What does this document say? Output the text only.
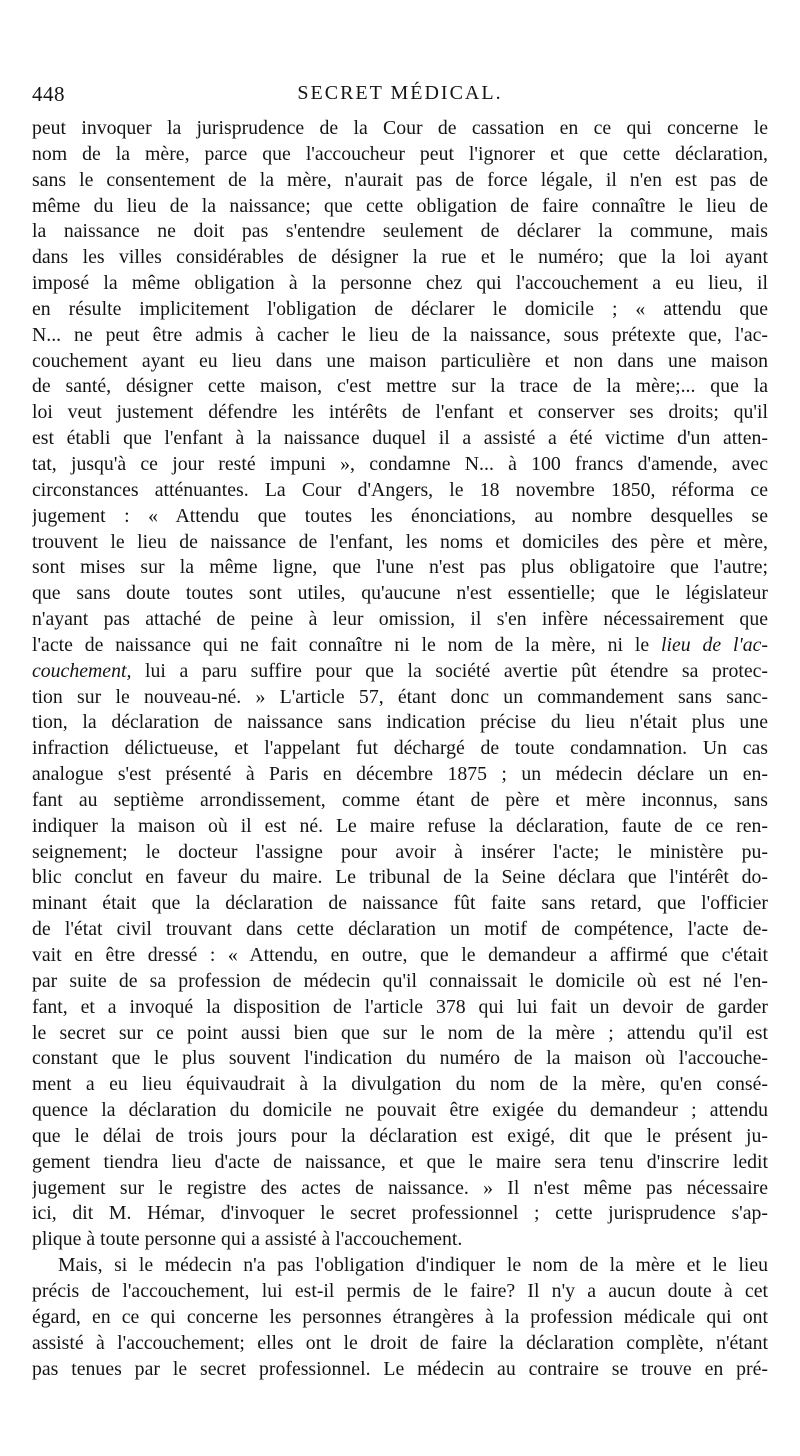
448	SECRET MÉDICAL.
peut invoquer la jurisprudence de la Cour de cassation en ce qui concerne le
nom de la mère, parce que l'accoucheur peut l'ignorer et que cette déclaration,
sans le consentement de la mère, n'aurait pas de force légale, il n'en est pas de
même du lieu de la naissance; que cette obligation de faire connaître le lieu de
la naissance ne doit pas s'entendre seulement de déclarer la commune, mais
dans les villes considérables de désigner la rue et le numéro; que la loi ayant
imposé la même obligation à la personne chez qui l'accouchement a eu lieu, il
en résulte implicitement l'obligation de déclarer le domicile ; « attendu que
N... ne peut être admis à cacher le lieu de la naissance, sous prétexte que, l'ac-
couchement ayant eu lieu dans une maison particulière et non dans une maison
de santé, désigner cette maison, c'est mettre sur la trace de la mère;... que la
loi veut justement défendre les intérêts de l'enfant et conserver ses droits; qu'il
est établi que l'enfant à la naissance duquel il a assisté a été victime d'un atten-
tat, jusqu'à ce jour resté impuni », condamne N... à 100 francs d'amende, avec
circonstances atténuantes. La Cour d'Angers, le 18 novembre 1850, réforma ce
jugement : « Attendu que toutes les énonciations, au nombre desquelles se
trouvent le lieu de naissance de l'enfant, les noms et domiciles des père et mère,
sont mises sur la même ligne, que l'une n'est pas plus obligatoire que l'autre;
que sans doute toutes sont utiles, qu'aucune n'est essentielle; que le législateur
n'ayant pas attaché de peine à leur omission, il s'en infère nécessairement que
l'acte de naissance qui ne fait connaître ni le nom de la mère, ni le lieu de l'ac-
couchement, lui a paru suffire pour que la société avertie pût étendre sa protec-
tion sur le nouveau-né. » L'article 57, étant donc un commandement sans sanc-
tion, la déclaration de naissance sans indication précise du lieu n'était plus une
infraction délictueuse, et l'appelant fut déchargé de toute condamnation. Un cas
analogue s'est présenté à Paris en décembre 1875 ; un médecin déclare un en-
fant au septième arrondissement, comme étant de père et mère inconnus, sans
indiquer la maison où il est né. Le maire refuse la déclaration, faute de ce ren-
seignement; le docteur l'assigne pour avoir à insérer l'acte; le ministère pu-
blic conclut en faveur du maire. Le tribunal de la Seine déclara que l'intérêt do-
minant était que la déclaration de naissance fût faite sans retard, que l'officier
de l'état civil trouvant dans cette déclaration un motif de compétence, l'acte de-
vait en être dressé : « Attendu, en outre, que le demandeur a affirmé que c'était
par suite de sa profession de médecin qu'il connaissait le domicile où est né l'en-
fant, et a invoqué la disposition de l'article 378 qui lui fait un devoir de garder
le secret sur ce point aussi bien que sur le nom de la mère ; attendu qu'il est
constant que le plus souvent l'indication du numéro de la maison où l'accouche-
ment a eu lieu équivaudrait à la divulgation du nom de la mère, qu'en consé-
quence la déclaration du domicile ne pouvait être exigée du demandeur ; attendu
que le délai de trois jours pour la déclaration est exigé, dit que le présent ju-
gement tiendra lieu d'acte de naissance, et que le maire sera tenu d'inscrire ledit
jugement sur le registre des actes de naissance. » Il n'est même pas nécessaire
ici, dit M. Hémar, d'invoquer le secret professionnel ; cette jurisprudence s'ap-
plique à toute personne qui a assisté à l'accouchement.
Mais, si le médecin n'a pas l'obligation d'indiquer le nom de la mère et le lieu
précis de l'accouchement, lui est-il permis de le faire? Il n'y a aucun doute à cet
égard, en ce qui concerne les personnes étrangères à la profession médicale qui ont
assisté à l'accouchement; elles ont le droit de faire la déclaration complète, n'étant
pas tenues par le secret professionnel. Le médecin au contraire se trouve en pré-
